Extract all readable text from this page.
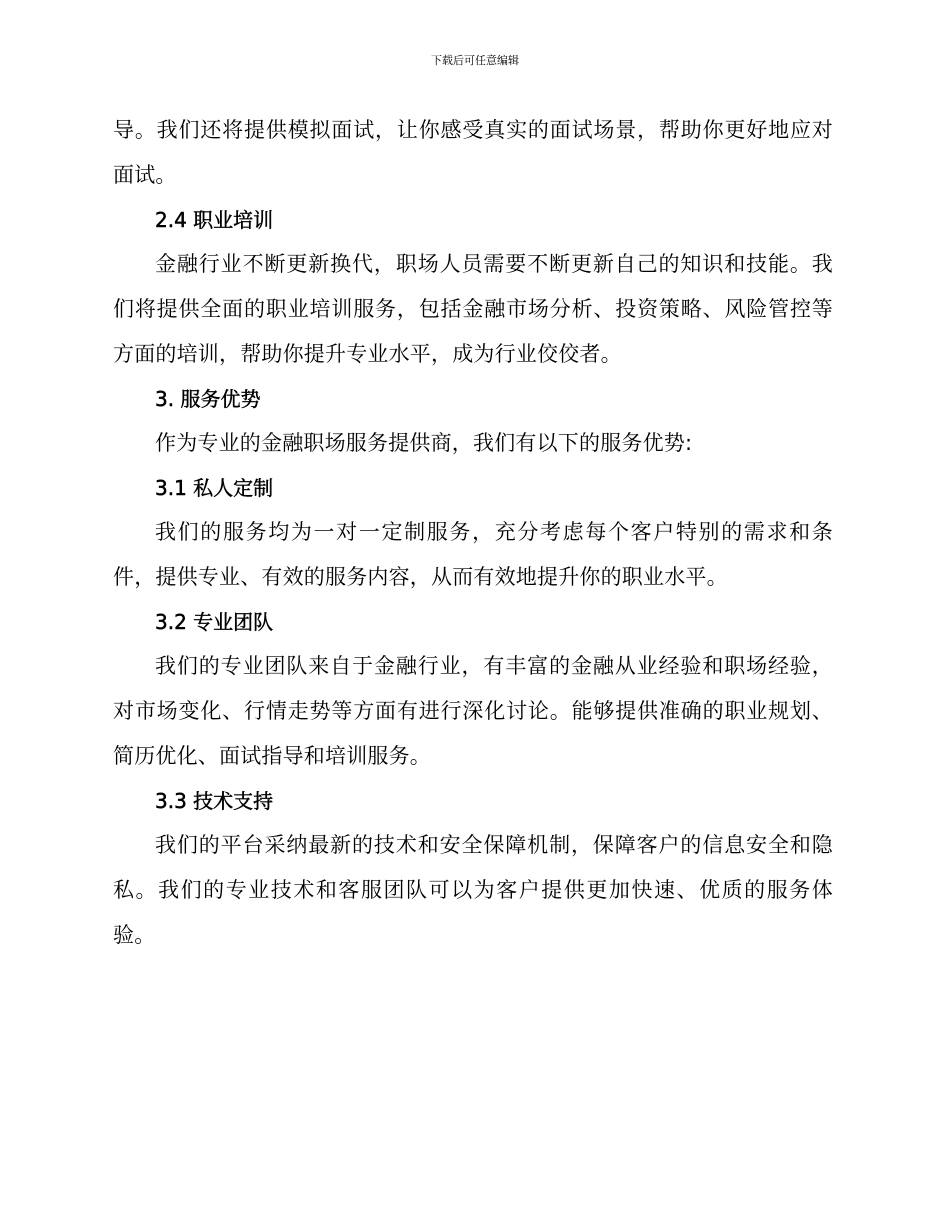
下载后可任意编辑

导。我们还将提供模拟面试，让你感受真实的面试场景，帮助你更好地应对面试。

2.4 职业培训

金融行业不断更新换代，职场人员需要不断更新自己的知识和技能。我们将提供全面的职业培训服务，包括金融市场分析、投资策略、风险管控等方面的培训，帮助你提升专业水平，成为行业佼佼者。

3. 服务优势

作为专业的金融职场服务提供商，我们有以下的服务优势:

3.1 私人定制

我们的服务均为一对一定制服务，充分考虑每个客户特别的需求和条件，提供专业、有效的服务内容，从而有效地提升你的职业水平。

3.2 专业团队

我们的专业团队来自于金融行业，有丰富的金融从业经验和职场经验，对市场变化、行情走势等方面有进行深化讨论。能够提供准确的职业规划、简历优化、面试指导和培训服务。

3.3 技术支持

我们的平台采纳最新的技术和安全保障机制，保障客户的信息安全和隐私。我们的专业技术和客服团队可以为客户提供更加快速、优质的服务体验。
